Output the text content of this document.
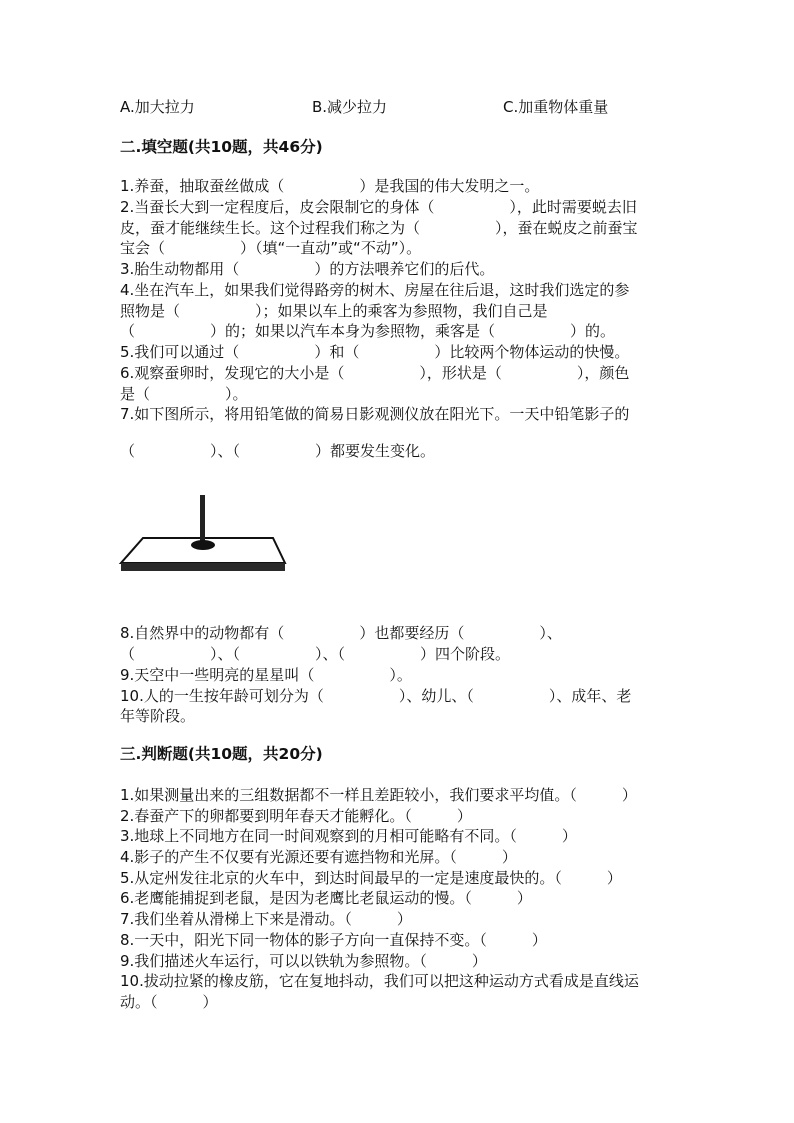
A.加大拉力	B.减少拉力	C.加重物体重量
二.填空题(共10题，共46分)
1.养蚕，抽取蚕丝做成（　　　　　）是我国的伟大发明之一。
2.当蚕长大到一定程度后，皮会限制它的身体（　　　　　），此时需要蜕去旧
皮，蚕才能继续生长。这个过程我们称之为（　　　　　），蚕在蜕皮之前蚕宝
宝会（　　　　　）（填“一直动”或“不动”）。
3.胎生动物都用（　　　　　）的方法喂养它们的后代。
4.坐在汽车上，如果我们觉得路旁的树木、房屋在往后退，这时我们选定的参
照物是（　　　　　）；如果以车上的乘客为参照物，我们自己是
（　　　　　）的；如果以汽车本身为参照物，乘客是（　　　　　）的。
5.我们可以通过（　　　　　）和（　　　　　）比较两个物体运动的快慢。
6.观察蚕卵时，发现它的大小是（　　　　　），形状是（　　　　　），颜色
是（　　　　　）。
7.如下图所示，将用铅笔做的简易日影观测仪放在阳光下。一天中铅笔影子的
（　　　　　）、（　　　　　）都要发生变化。
8.自然界中的动物都有（　　　　　）也都要经历（　　　　　）、
（　　　　　）、（　　　　　）、（　　　　　）四个阶段。
9.天空中一些明亮的星星叫（　　　　　）。
10.人的一生按年龄可划分为（　　　　　）、幼儿、（　　　　　）、成年、老
年等阶段。
三.判断题(共10题，共20分)
1.如果测量出来的三组数据都不一样且差距较小，我们要求平均值。（　　　）
2.春蚕产下的卵都要到明年春天才能孵化。（　　　）
3.地球上不同地方在同一时间观察到的月相可能略有不同。（　　　）
4.影子的产生不仅要有光源还要有遮挡物和光屏。（　　　）
5.从定州发往北京的火车中，到达时间最早的一定是速度最快的。（　　　）
6.老鹰能捕捉到老鼠，是因为老鹰比老鼠运动的慢。（　　　）
7.我们坐着从滑梯上下来是滑动。（　　　）
8.一天中，阳光下同一物体的影子方向一直保持不变。（　　　）
9.我们描述火车运行，可以以铁轨为参照物。（　　　）
10.拔动拉紧的橡皮筋，它在复地抖动，我们可以把这种运动方式看成是直线运
动。（　　　）
